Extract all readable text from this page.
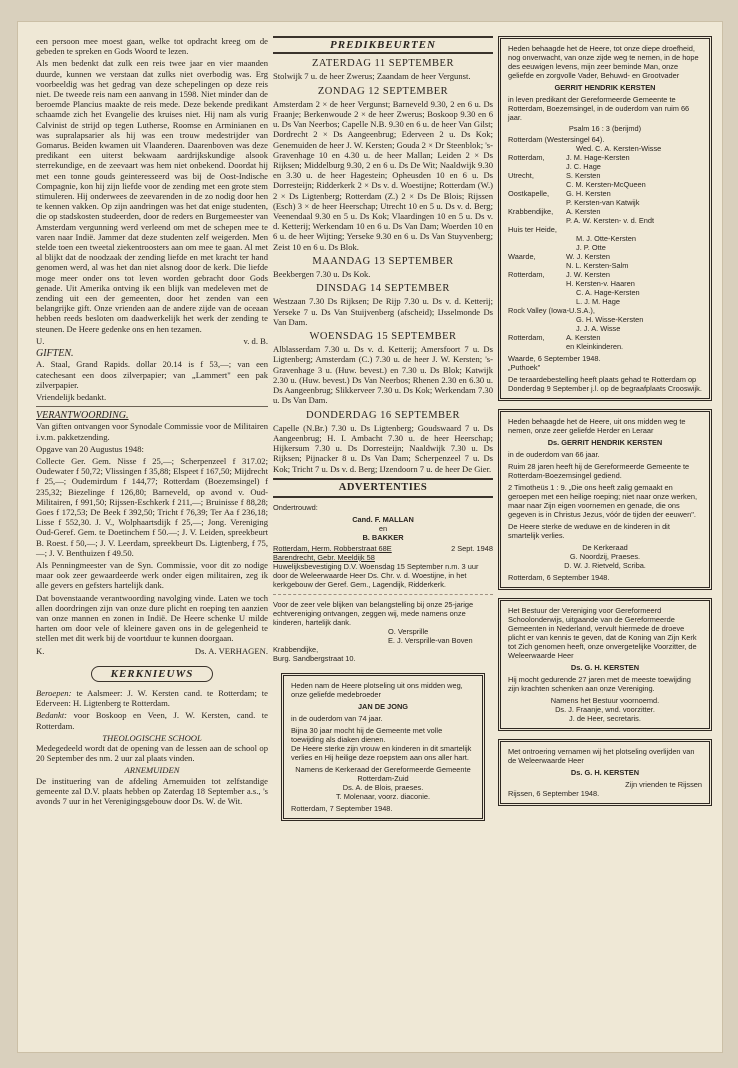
een persoon mee moest gaan, welke tot opdracht kreeg om de gebeden te spreken en Gods Woord te lezen.

Als men bedenkt dat zulk een reis twee jaar en vier maanden duurde, kunnen we verstaan dat zulks niet overbodig was. Erg voorbeeldig was het gedrag van deze schepelingen op deze reis niet. De tweede reis nam een aanvang in 1598. Niet minder dan de beroemde Plancius maakte de reis mede. Deze bekende predikant schaamde zich het Evangelie des kruises niet. Hij nam als vurig Calvinist de strijd op tegen Lutherse, Roomse en Arminianen en was supralapsarier als hij was een trouw medestrijder van Gomarus. Beiden kwamen uit Vlaanderen. Daarenboven was deze predikant een uiterst bekwaam aardrijkskundige alsook sterrekundige, en de zeevaart was hem niet onbekend. Doordat hij met een tonne gouds geinteresseerd was bij de Oost-Indische Compagnie, kon hij zijn liefde voor de zending met een grote stem stimuleren. Hij onderwees de zeevarenden in de zo nodig door hen te kennen vakken. Op zijn aandringen was het dat enige studenten, die op stadskosten studeerden, door de reders en Burgemeester van Amsterdam vergunning werd verleend om met de schepen mee te varen naar Indië. Jammer dat deze studenten zelf weigerden. Men stelde toen een tweetal ziekentroosters aan om mee te gaan. Al met al blijkt dat de noodzaak der zending liefde en met kracht ter hand genomen werd, al was het dan niet alsnog door de kerk. Die liefde moge meer onder ons tot leven worden gebracht door Gods genade. Uit Amerika ontving ik een blijk van medeleven met de zending uit een der gemeenten, door het zenden van een belangrijke gift. Onze vrienden aan de andere zijde van de oceaan hebben reeds besloten om daadwerkelijk het werk der zending te steunen. De Heere gedenke ons en hen tezamen.

U.	v. d. B.
GIFTEN.

A. Staal, Grand Rapids. dollar 20.14 is f 53,—; van een catechesant een doos zilverpapier; van „Lammert" een pak zilverpapier.

Vriendelijk bedankt.

VERANTWOORDING.

Van giften ontvangen voor Synodale Commissie voor de Militairen i.v.m. pakketzending.

Opgave van 20 Augustus 1948:

Collecte Ger. Gem. Nisse f 25,—; Scherpenzeel f 317.02; Oudewater f 50,72; Vlissingen f 35,88; Elspeet f 167,50; Mijdrecht f 25,—; Oudemirdum f 144,77; Rotterdam (Boezemsingel) f 235,32; Biezelinge f 126,80; Barneveld, op avond v. Oud-Militairen, f 991,50; Rijssen-Eschkerk f 211,—; Bruinisse f 88,28; Goes f 172,53; De Beek f 392,50; Tricht f 76,39; Ter Aa f 236,18; Lisse f 552,30. J. V., Wolphaartsdijk f 25,—; Jong. Vereniging Oud-Geref. Gem. te Doetinchem f 50.—; J. V. Leiden, spreekbeurt B. Roest. f 50,—; J. V. Leerdam, spreekbeurt Ds. Ligtenberg, f 75,—; J. V. Benthuizen f 49.50.

Als Penningmeester van de Syn. Commissie, voor dit zo nodige maar ook zeer gewaardeerde werk onder eigen militairen, zeg ik alle gevers en gefsters hartelijk dank.

Dat bovenstaande verantwoording navolging vinde. Laten we toch allen doordringen zijn van onze dure plicht en roeping ten aanzien van onze mannen en zonen in Indië. De Heere schenke U milde harten om door vele of kleinere gaven ons in de gelegenheid te stellen met dit werk bij de voortduur te kunnen doorgaan.

K.	Ds. A. VERHAGEN.
KERKNIEUWS

Beroepen: te Aalsmeer: J. W. Kersten cand. te Rotterdam; te Ederveen: H. Ligtenberg te Rotterdam.

Bedankt: voor Boskoop en Veen, J. W. Kersten, cand. te Rotterdam.

THEOLOGISCHE SCHOOL

Medegedeeld wordt dat de opening van de lessen aan de school op 20 September des nm. 2 uur zal plaats vinden.

ARNEMUIDEN

De instituering van de afdeling Arnemuiden tot zelfstandige gemeente zal D.V. plaats hebben op Zaterdag 18 September a.s., 's avonds 7 uur in het Verenigingsgebouw door Ds. W. de Wit.

PREDIKBEURTEN
ZATERDAG 11 SEPTEMBER

Stolwijk 7 u. de heer Zwerus; Zaandam de heer Vergunst.

ZONDAG 12 SEPTEMBER

Amsterdam 2 × de heer Vergunst; Barneveld 9.30, 2 en 6 u. Ds Fraanje; Berkenwoude 2 × de heer Zwerus; Boskoop 9.30 en 6 u. Ds Van Neerbos; Capelle N.B. 9.30 en 6 u. de heer Van Gilst; Dordrecht 2 × Ds Aangeenbrug; Ederveen 2 u. Ds Kok; Genemuiden de heer J. W. Kersten; Gouda 2 × Dr Steenblok; 's-Gravenhage 10 en 4.30 u. de heer Mallan; Leiden 2 × Ds Rijksen; Middelburg 9.30, 2 en 6 u. Ds De Wit; Naaldwijk 9.30 en 3.30 u. de heer Hagestein; Opheusden 10 en 6 u. Ds Dorresteijn; Ridderkerk 2 × Ds v. d. Woestijne; Rotterdam (W.) 2 × Ds Ligtenberg; Rotterdam (Z.) 2 × Ds De Blois; Rijssen (Esch) 3 × de heer Heerschap; Utrecht 10 en 5 u. Ds v. d. Berg; Veenendaal 9.30 en 5 u. Ds Kok; Vlaardingen 10 en 5 u. Ds v. d. Ketterij; Werkendam 10 en 6 u. Ds Van Dam; Woerden 10 en 6 u. de heer Wijting; Yerseke 9.30 en 6 u. Ds Van Stuyvenberg; Zeist 10 en 6 u. Ds Blok.

MAANDAG 13 SEPTEMBER

Beekbergen 7.30 u. Ds Kok.

DINSDAG 14 SEPTEMBER

Westzaan 7.30 Ds Rijksen; De Rijp 7.30 u. Ds v. d. Ketterij; Yerseke 7 u. Ds Van Stuijvenberg (afscheid); IJsselmonde Ds Van Dam.

WOENSDAG 15 SEPTEMBER

Alblasserdam 7.30 u. Ds v. d. Ketterij; Amersfoort 7 u. Ds Ligtenberg; Amsterdam (C.) 7.30 u. de heer J. W. Kersten; 's-Gravenhage 3 u. (Huw. bevest.) en 7.30 u. Ds Blok; Katwijk 2.30 u. (Huw. bevest.) Ds Van Neerbos; Rhenen 2.30 en 6.30 u. Ds Aangeenbrug; Slikkerveer 7.30 u. Ds Kok; Werkendam 7.30 u. Ds Van Dam.

DONDERDAG 16 SEPTEMBER

Capelle (N.Br.) 7.30 u. Ds Ligtenberg; Goudswaard 7 u. Ds Aangeenbrug; H. I. Ambacht 7.30 u. de heer Heerschap; Hijkersum 7.30 u. Ds Dorresteijn; Naaldwijk 7.30 u. Ds Rijksen; Pijnacker 8 u. Ds Van Dam; Scherpenzeel 7 u. Ds Kok; Tricht 7 u. Ds v. d. Berg; IJzendoorn 7 u. de heer De Gier.

ADVERTENTIES
Ondertrouwd:
Cand. F. MALLAN
en
B. BAKKER
Rotterdam, Herm. Robberstraat 68E	2 Sept. 1948
Barendrecht, Gebr. Meeldijk 58
Huwelijksbevestiging D.V. Woensdag 15 September n.m. 3 uur door de Weleerwaarde Heer Ds. Chr. v. d. Woestijne, in het kerkgebouw der Geref. Gem., Lagendijk, Ridderkerk.
Voor de zeer vele blijken van belangstelling bij onze 25-jarige echtvereniging ontvangen, zeggen wij, mede namens onze kinderen, hartelijk dank.
O. Versprille
E. J. Versprille-van Boven
Krabbendijke,
Burg. Sandbergstraat 10.
Heden nam de Heere plotseling uit ons midden weg, onze geliefde medebroeder
JAN DE JONG
in de ouderdom van 74 jaar.
Bijna 30 jaar mocht hij de Gemeente met volle toewijding als diaken dienen.
De Heere sterke zijn vrouw en kinderen in dit smartelijk verlies en Hij heilige deze roepstem aan ons aller hart.
Namens de Kerkeraad der Gereformeerde Gemeente Rotterdam-Zuid
Ds. A. de Blois, praeses.
T. Molenaar, voorz. diaconie.
Rotterdam, 7 September 1948.
Heden behaagde het de Heere, tot onze diepe droefheid, nog onverwacht, van onze zijde weg te nemen, in de hope des eeuwigen levens, mijn zeer beminde Man, onze geliefde en zorgvolle Vader, Behuwd- en Grootvader
GERRIT HENDRIK KERSTEN
in leven predikant der Gereformeerde Gemeente te Rotterdam, Boezemsingel, in de ouderdom van ruim 66 jaar.
Psalm 16 : 3 (berijmd)
Rotterdam (Westersingel 64).
Wed. C. A. Kersten-Wisse
Rotterdam,	J. M. Hage-Kersten
J. C. Hage
Utrecht,	S. Kersten
C. M. Kersten-McQueen
Oostkapelle,	G. H. Kersten
P. Kersten-van Katwijk
Krabbendijke,	A. Kersten
P. A. W. Kersten- v. d. Endt
Huis ter Heide,
M. J. Otte-Kersten
J. P. Otte
Waarde,	W. J. Kersten
N. L. Kersten-Salm
Rotterdam,	J. W. Kersten
H. Kersten-v. Haaren
C. A. Hage-Kersten
L. J. M. Hage
Rock Valley (Iowa-U.S.A.),
G. H. Wisse-Kersten
J. J. A. Wisse
Rotterdam,	A. Kersten
en Kleinkinderen.
Waarde, 6 September 1948.
„Puthoek"
De teraardebestelling heeft plaats gehad te Rotterdam op Donderdag 9 September j.l. op de begraafplaats Crooswijk.
Heden behaagde het de Heere, uit ons midden weg te nemen, onze zeer geliefde Herder en Leraar
Ds. GERRIT HENDRIK KERSTEN
in de ouderdom van 66 jaar.
Ruim 28 jaren heeft hij de Gereformeerde Gemeente te Rotterdam-Boezemsingel gediend.
2 Timotheüs 1 : 9. „Die ons heeft zalig gemaakt en geroepen met een heilige roeping; niet naar onze werken, maar naar Zijn eigen voornemen en genade, die ons gegeven is in Christus Jezus, vóór de tijden der eeuwen".
De Heere sterke de weduwe en de kinderen in dit smartelijk verlies.
De Kerkeraad
G. Noordzij, Praeses.
D. W. J. Rietveld, Scriba.
Rotterdam, 6 September 1948.
Het Bestuur der Vereniging voor Gereformeerd Schoolonderwijs, uitgaande van de Gereformeerde Gemeenten in Nederland, vervult hiermede de droeve plicht er van kennis te geven, dat de Koning van Zijn Kerk tot Zich genomen heeft, onze onvergetelijke Voorzitter, de Weleerwaarde Heer
Ds. G. H. KERSTEN
Hij mocht gedurende 27 jaren met de meeste toewijding zijn krachten schenken aan onze Vereniging.
Namens het Bestuur voornoemd.
Ds. J. Fraanje, wnd. voorzitter.
J. de Heer, secretaris.
Met ontroering vernamen wij het plotseling overlijden van de Weleerwaarde Heer
Ds. G. H. KERSTEN
Zijn vrienden te Rijssen
Rijssen, 6 September 1948.
